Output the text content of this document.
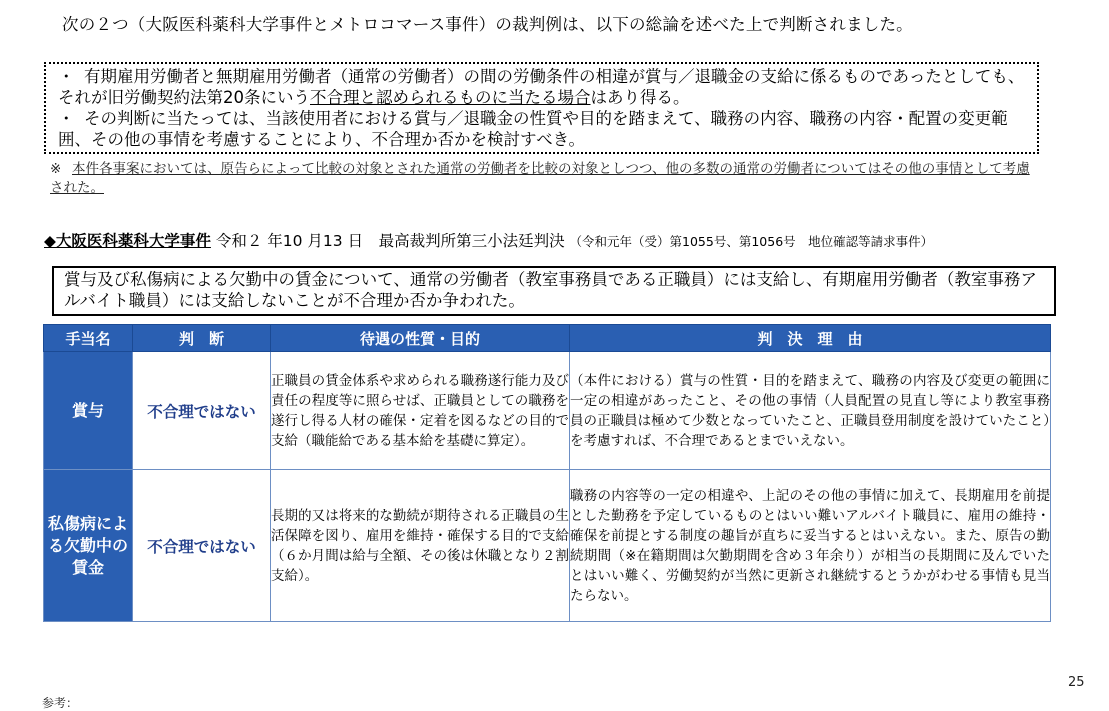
次の２つ（大阪医科薬科大学事件とメトロコマース事件）の裁判例は、以下の総論を述べた上で判断されました。
・ 有期雇用労働者と無期雇用労働者（通常の労働者）の間の労働条件の相違が賞与／退職金の支給に係るものであったとしても、それが旧労働契約法第20条にいう不合理と認められるものに当たる場合はあり得る。
・ その判断に当たっては、当該使用者における賞与／退職金の性質や目的を踏まえて、職務の内容、職務の内容・配置の変更範囲、その他の事情を考慮することにより、不合理か否かを検討すべき。
※ 本件各事案においては、原告らによって比較の対象とされた通常の労働者を比較の対象としつつ、他の多数の通常の労働者についてはその他の事情として考慮された。
◆大阪医科薬科大学事件 令和２ 年10 月13 日　最高裁判所第三小法廷判決 （令和元年（受）第1055号、第1056号　地位確認等請求事件）
賞与及び私傷病による欠勤中の賃金について、通常の労働者（教室事務員である正職員）には支給し、有期雇用労働者（教室事務アルバイト職員）には支給しないことが不合理か否か争われた。
手当名	判　断	待遇の性質・目的	判　決　理　由
賞与	不合理ではない	正職員の賃金体系や求められる職務遂行能力及び責任の程度等に照らせば、正職員としての職務を遂行し得る人材の確保・定着を図るなどの目的で支給（職能給である基本給を基礎に算定）。	（本件における）賞与の性質・目的を踏まえて、職務の内容及び変更の範囲に一定の相違があったこと、その他の事情（人員配置の見直し等により教室事務員の正職員は極めて少数となっていたこと、正職員登用制度を設けていたこと）を考慮すれば、不合理であるとまでいえない。
私傷病による欠勤中の賃金	不合理ではない	長期的又は将来的な勤続が期待される正職員の生活保障を図り、雇用を維持・確保する目的で支給（６か月間は給与全額、その後は休職となり２割支給）。	職務の内容等の一定の相違や、上記のその他の事情に加えて、長期雇用を前提とした勤務を予定しているものとはいい難いアルバイト職員に、雇用の維持・確保を前提とする制度の趣旨が直ちに妥当するとはいえない。また、原告の勤続期間（※在籍期間は欠勤期間を含め３年余り）が相当の長期間に及んでいたとはいい難く、労働契約が当然に更新され継続するとうかがわせる事情も見当たらない。
25
参考：
